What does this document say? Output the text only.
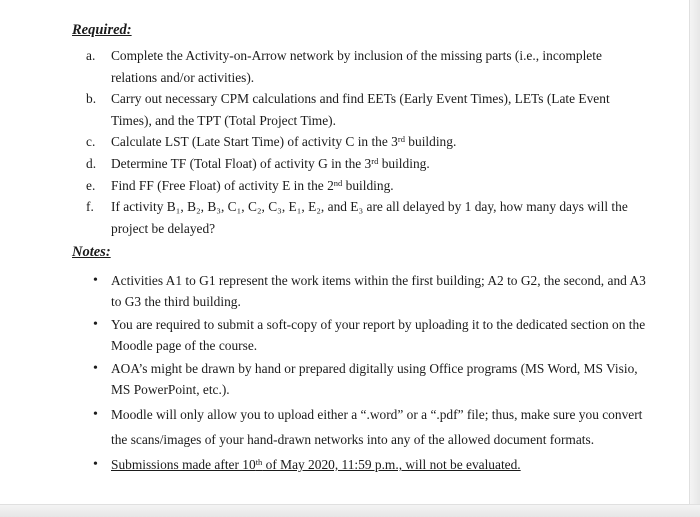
Required:
a.	Complete the Activity-on-Arrow network by inclusion of the missing parts (i.e., incomplete relations and/or activities).
b.	Carry out necessary CPM calculations and find EETs (Early Event Times), LETs (Late Event Times), and the TPT (Total Project Time).
c.	Calculate LST (Late Start Time) of activity C in the 3rd building.
d.	Determine TF (Total Float) of activity G in the 3rd building.
e.	Find FF (Free Float) of activity E in the 2nd building.
f.	If activity B₁, B₂, B₃, C₁, C₂, C₃, E₁, E₂, and E₃ are all delayed by 1 day, how many days will the project be delayed?
Notes:
• Activities A1 to G1 represent the work items within the first building; A2 to G2, the second, and A3 to G3 the third building.
• You are required to submit a soft-copy of your report by uploading it to the dedicated section on the Moodle page of the course.
• AOA’s might be drawn by hand or prepared digitally using Office programs (MS Word, MS Visio, MS PowerPoint, etc.).
• Moodle will only allow you to upload either a “.word” or a “.pdf” file; thus, make sure you convert the scans/images of your hand-drawn networks into any of the allowed document formats.
• Submissions made after 10th of May 2020, 11:59 p.m., will not be evaluated.
